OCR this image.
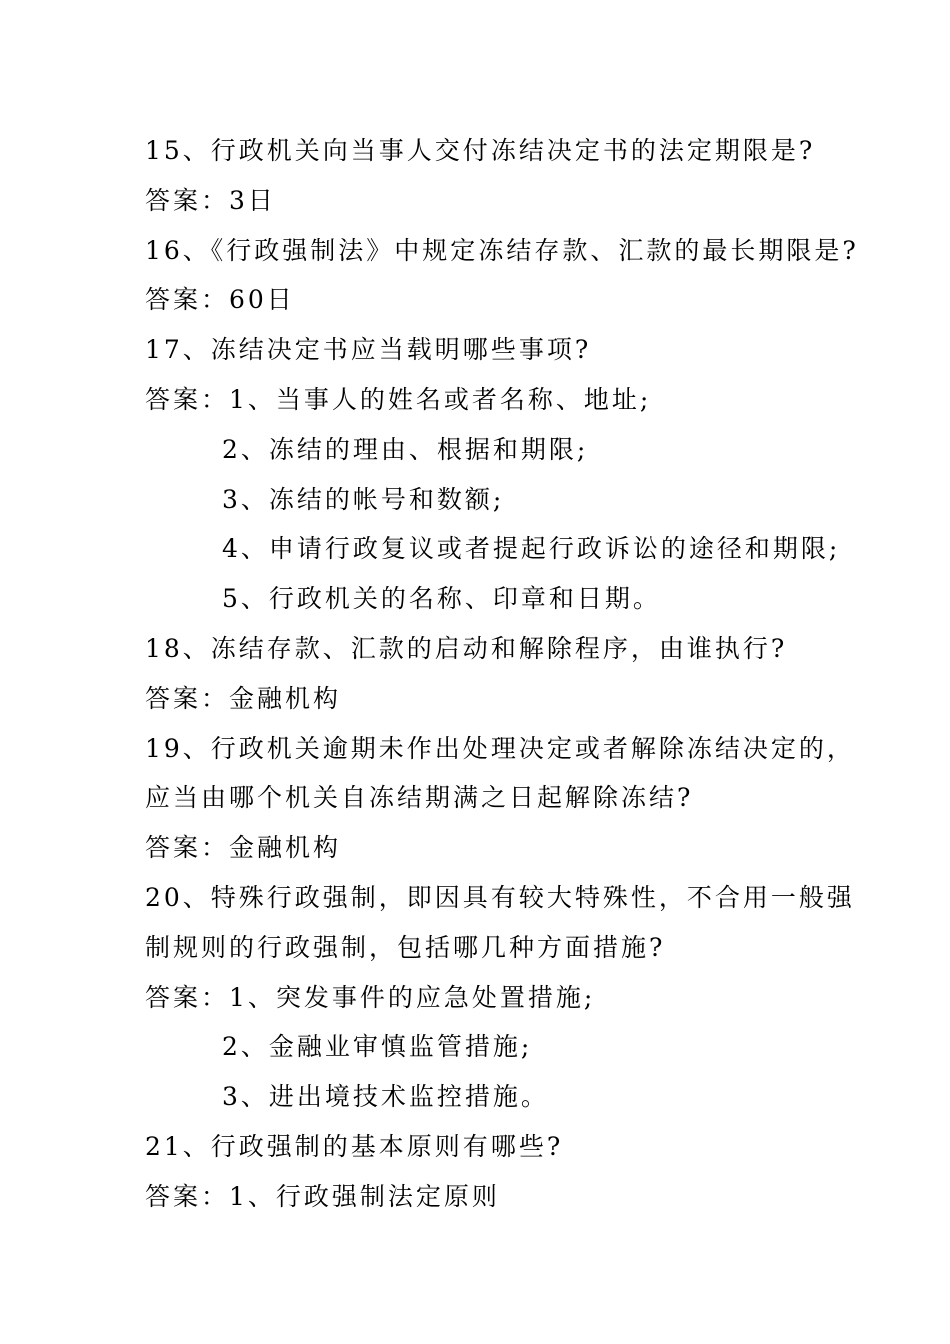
15、行政机关向当事人交付冻结决定书的法定期限是?
答案：3日
16、《行政强制法》中规定冻结存款、汇款的最长期限是?
答案：60日
17、冻结决定书应当载明哪些事项?
答案：1、当事人的姓名或者名称、地址;
2、冻结的理由、根据和期限;
3、冻结的帐号和数额;
4、申请行政复议或者提起行政诉讼的途径和期限;
5、行政机关的名称、印章和日期。
18、冻结存款、汇款的启动和解除程序，由谁执行?
答案：金融机构
19、行政机关逾期未作出处理决定或者解除冻结决定的，
应当由哪个机关自冻结期满之日起解除冻结?
答案：金融机构
20、特殊行政强制，即因具有较大特殊性，不合用一般强
制规则的行政强制，包括哪几种方面措施?
答案：1、突发事件的应急处置措施;
2、金融业审慎监管措施;
3、进出境技术监控措施。
21、行政强制的基本原则有哪些?
答案：1、行政强制法定原则
